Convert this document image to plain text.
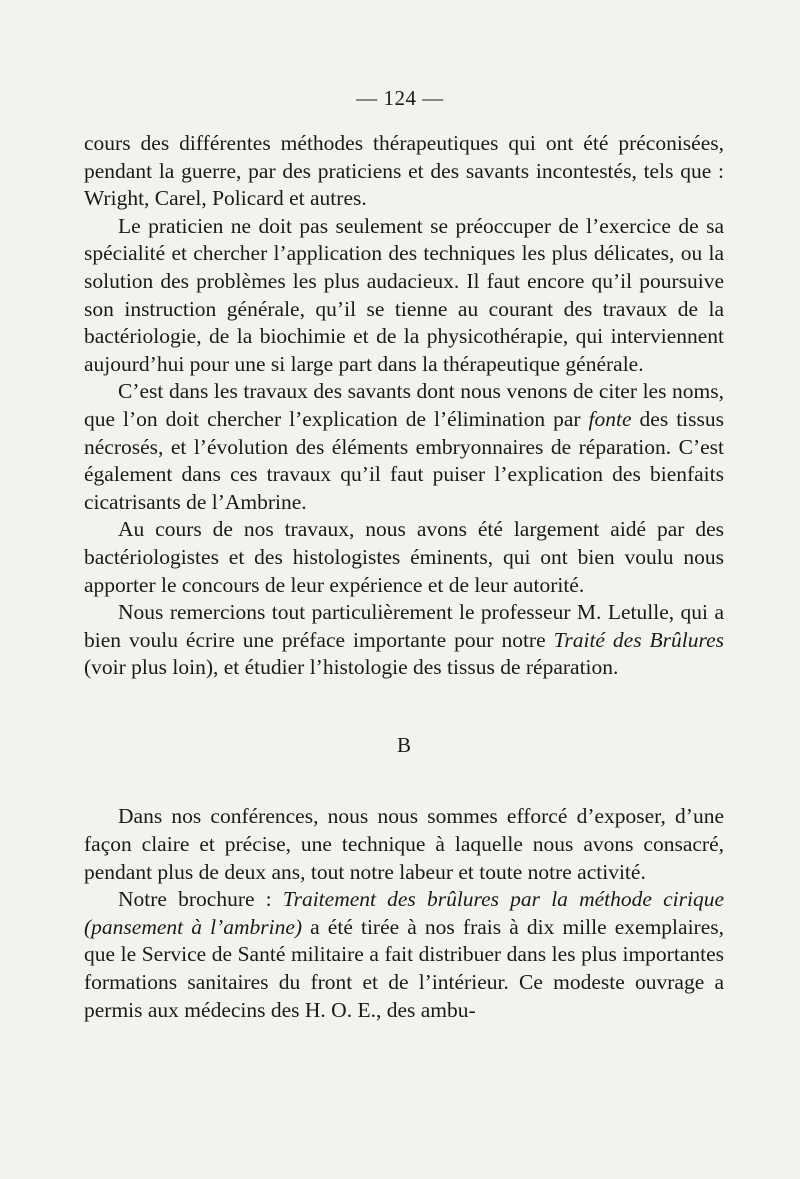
— 124 —

cours des différentes méthodes thérapeutiques qui ont été préconisées, pendant la guerre, par des praticiens et des savants incontestés, tels que : Wright, Carel, Policard et autres.

Le praticien ne doit pas seulement se préoccuper de l’exercice de sa spécialité et chercher l’application des techniques les plus délicates, ou la solution des problèmes les plus audacieux. Il faut encore qu’il poursuive son instruction générale, qu’il se tienne au courant des travaux de la bactériologie, de la biochimie et de la physicothérapie, qui interviennent aujourd’hui pour une si large part dans la thérapeutique générale.

C’est dans les travaux des savants dont nous venons de citer les noms, que l’on doit chercher l’explication de l’élimination par fonte des tissus nécrosés, et l’évolution des éléments embryonnaires de réparation. C’est également dans ces travaux qu’il faut puiser l’explication des bienfaits cicatrisants de l’Ambrine.

Au cours de nos travaux, nous avons été largement aidé par des bactériologistes et des histologistes éminents, qui ont bien voulu nous apporter le concours de leur expérience et de leur autorité.

Nous remercions tout particulièrement le professeur M. Letulle, qui a bien voulu écrire une préface importante pour notre Traité des Brûlures (voir plus loin), et étudier l’histologie des tissus de réparation.

B

Dans nos conférences, nous nous sommes efforcé d’exposer, d’une façon claire et précise, une technique à laquelle nous avons consacré, pendant plus de deux ans, tout notre labeur et toute notre activité.

Notre brochure : Traitement des brûlures par la méthode cirique (pansement à l’ambrine) a été tirée à nos frais à dix mille exemplaires, que le Service de Santé militaire a fait distribuer dans les plus importantes formations sanitaires du front et de l’intérieur. Ce modeste ouvrage a permis aux médecins des H. O. E., des ambu-
